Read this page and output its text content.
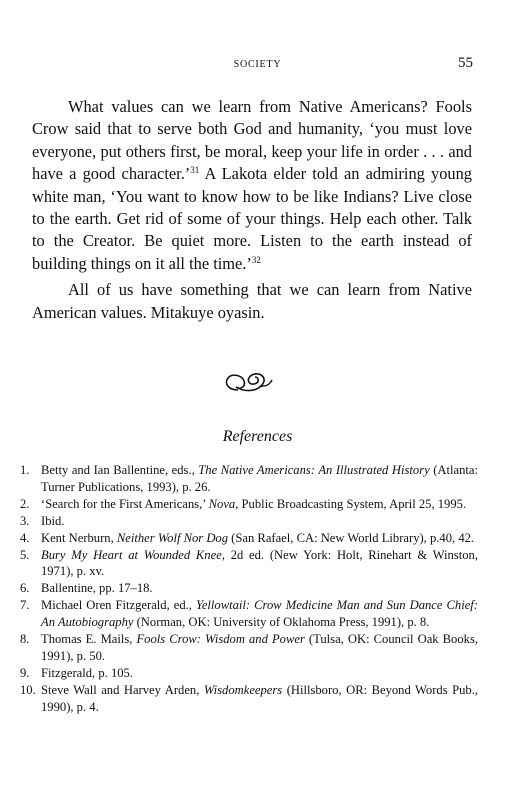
SOCIETY	55

What values can we learn from Native Americans? Fools Crow said that to serve both God and humanity, ‘you must love everyone, put others first, be moral, keep your life in order . . . and have a good character.’$^{31}$ A Lakota elder told an admiring young white man, ‘You want to know how to be like Indians? Live close to the earth. Get rid of some of your things. Help each other. Talk to the Creator. Be quiet more. Listen to the earth instead of building things on it all the time.’$^{32}$

All of us have something that we can learn from Native American values. Mitakuye oyasin.

References
1. Betty and Ian Ballentine, eds., The Native Americans: An Illustrated History (Atlanta: Turner Publications, 1993), p. 26.
2. ‘Search for the First Americans,’ Nova, Public Broadcasting System, April 25, 1995.
3. Ibid.
4. Kent Nerburn, Neither Wolf Nor Dog (San Rafael, CA: New World Library), p.40, 42.
5. Bury My Heart at Wounded Knee, 2d ed. (New York: Holt, Rinehart & Winston, 1971), p. xv.
6. Ballentine, pp. 17–18.
7. Michael Oren Fitzgerald, ed., Yellowtail: Crow Medicine Man and Sun Dance Chief: An Autobiography (Norman, OK: University of Oklahoma Press, 1991), p. 8.
8. Thomas E. Mails, Fools Crow: Wisdom and Power (Tulsa, OK: Council Oak Books, 1991), p. 50.
9. Fitzgerald, p. 105.
10. Steve Wall and Harvey Arden, Wisdomkeepers (Hillsboro, OR: Beyond Words Pub., 1990), p. 4.
